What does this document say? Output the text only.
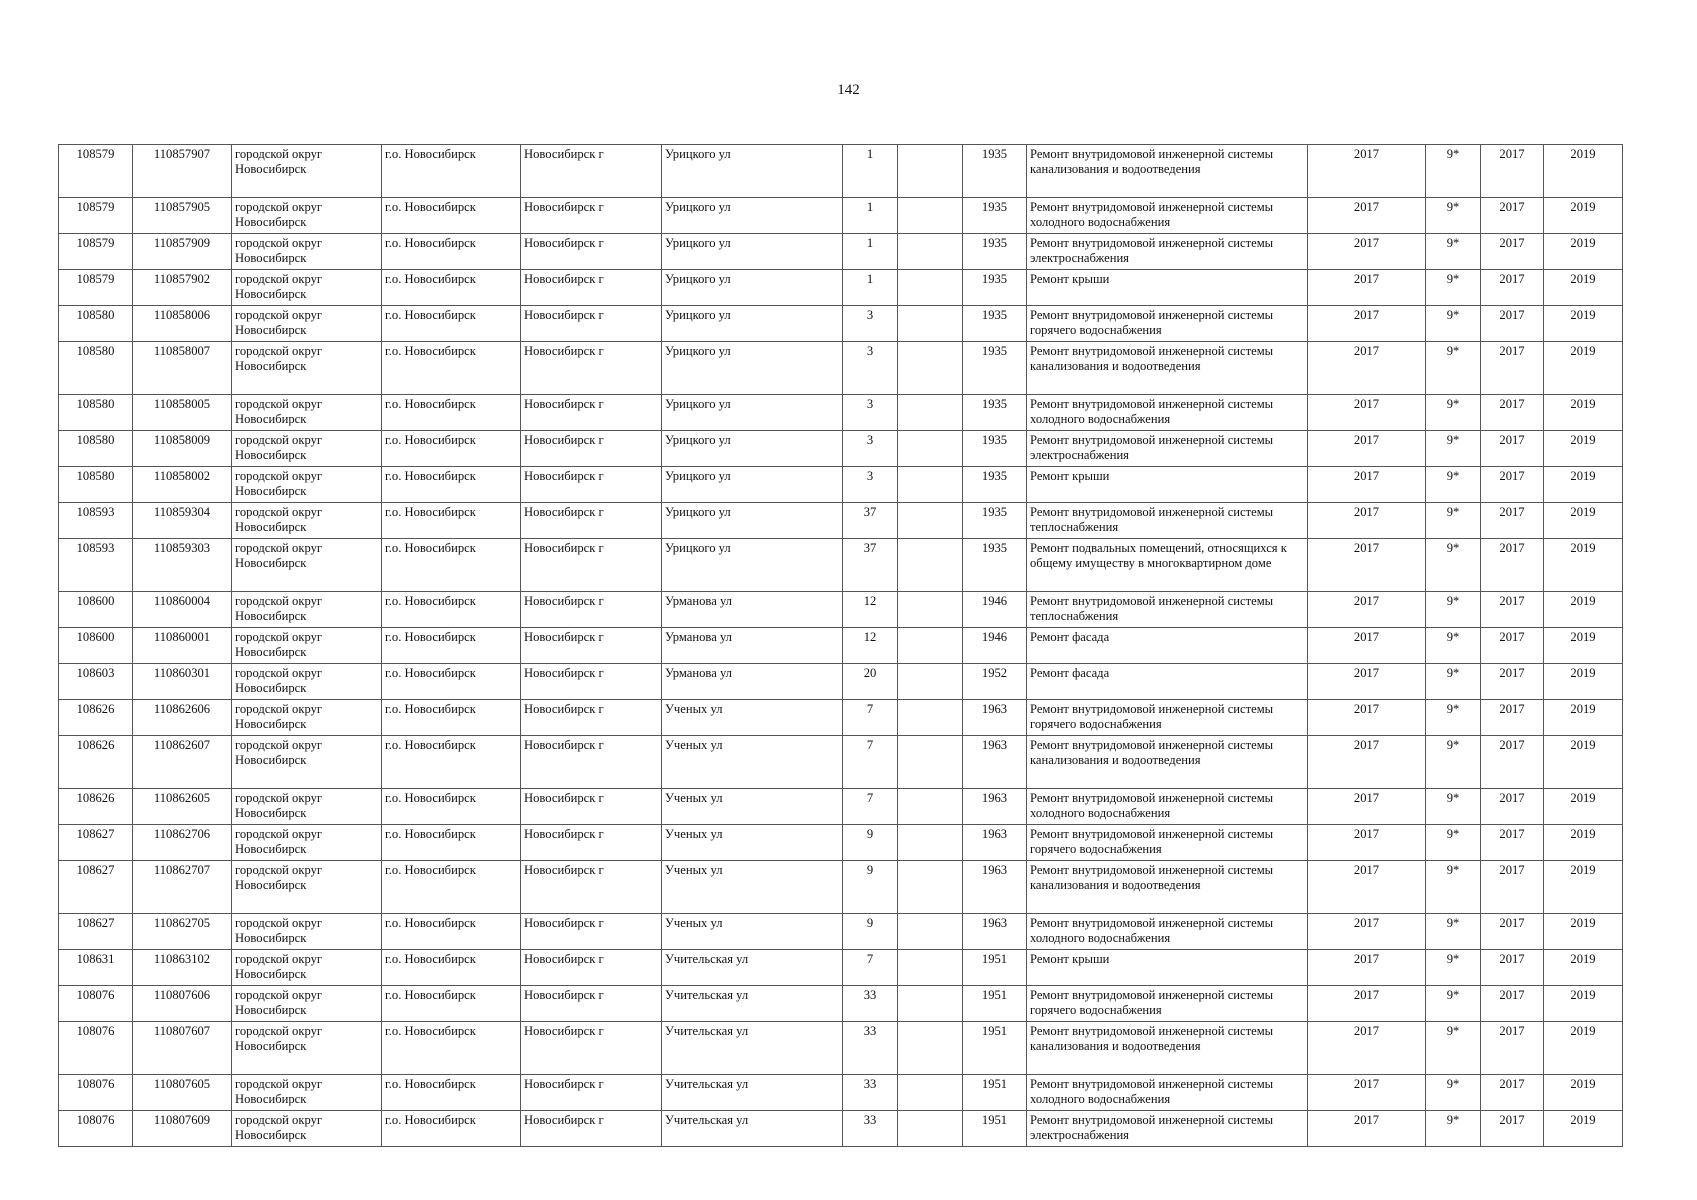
142
108579	110857907	городской округ Новосибирск	г.о. Новосибирск	Новосибирск г	Урицкого ул	1		1935	Ремонт внутридомовой инженерной системы канализования и водоотведения	2017	9*	2017	2019
108579	110857905	городской округ Новосибирск	г.о. Новосибирск	Новосибирск г	Урицкого ул	1		1935	Ремонт внутридомовой инженерной системы холодного водоснабжения	2017	9*	2017	2019
108579	110857909	городской округ Новосибирск	г.о. Новосибирск	Новосибирск г	Урицкого ул	1		1935	Ремонт внутридомовой инженерной системы электроснабжения	2017	9*	2017	2019
108579	110857902	городской округ Новосибирск	г.о. Новосибирск	Новосибирск г	Урицкого ул	1		1935	Ремонт крыши	2017	9*	2017	2019
108580	110858006	городской округ Новосибирск	г.о. Новосибирск	Новосибирск г	Урицкого ул	3		1935	Ремонт внутридомовой инженерной системы горячего водоснабжения	2017	9*	2017	2019
108580	110858007	городской округ Новосибирск	г.о. Новосибирск	Новосибирск г	Урицкого ул	3		1935	Ремонт внутридомовой инженерной системы канализования и водоотведения	2017	9*	2017	2019
108580	110858005	городской округ Новосибирск	г.о. Новосибирск	Новосибирск г	Урицкого ул	3		1935	Ремонт внутридомовой инженерной системы холодного водоснабжения	2017	9*	2017	2019
108580	110858009	городской округ Новосибирск	г.о. Новосибирск	Новосибирск г	Урицкого ул	3		1935	Ремонт внутридомовой инженерной системы электроснабжения	2017	9*	2017	2019
108580	110858002	городской округ Новосибирск	г.о. Новосибирск	Новосибирск г	Урицкого ул	3		1935	Ремонт крыши	2017	9*	2017	2019
108593	110859304	городской округ Новосибирск	г.о. Новосибирск	Новосибирск г	Урицкого ул	37		1935	Ремонт внутридомовой инженерной системы теплоснабжения	2017	9*	2017	2019
108593	110859303	городской округ Новосибирск	г.о. Новосибирск	Новосибирск г	Урицкого ул	37		1935	Ремонт подвальных помещений, относящихся к общему имуществу в многоквартирном доме	2017	9*	2017	2019
108600	110860004	городской округ Новосибирск	г.о. Новосибирск	Новосибирск г	Урманова ул	12		1946	Ремонт внутридомовой инженерной системы теплоснабжения	2017	9*	2017	2019
108600	110860001	городской округ Новосибирск	г.о. Новосибирск	Новосибирск г	Урманова ул	12		1946	Ремонт фасада	2017	9*	2017	2019
108603	110860301	городской округ Новосибирск	г.о. Новосибирск	Новосибирск г	Урманова ул	20		1952	Ремонт фасада	2017	9*	2017	2019
108626	110862606	городской округ Новосибирск	г.о. Новосибирск	Новосибирск г	Ученых ул	7		1963	Ремонт внутридомовой инженерной системы горячего водоснабжения	2017	9*	2017	2019
108626	110862607	городской округ Новосибирск	г.о. Новосибирск	Новосибирск г	Ученых ул	7		1963	Ремонт внутридомовой инженерной системы канализования и водоотведения	2017	9*	2017	2019
108626	110862605	городской округ Новосибирск	г.о. Новосибирск	Новосибирск г	Ученых ул	7		1963	Ремонт внутридомовой инженерной системы холодного водоснабжения	2017	9*	2017	2019
108627	110862706	городской округ Новосибирск	г.о. Новосибирск	Новосибирск г	Ученых ул	9		1963	Ремонт внутридомовой инженерной системы горячего водоснабжения	2017	9*	2017	2019
108627	110862707	городской округ Новосибирск	г.о. Новосибирск	Новосибирск г	Ученых ул	9		1963	Ремонт внутридомовой инженерной системы канализования и водоотведения	2017	9*	2017	2019
108627	110862705	городской округ Новосибирск	г.о. Новосибирск	Новосибирск г	Ученых ул	9		1963	Ремонт внутридомовой инженерной системы холодного водоснабжения	2017	9*	2017	2019
108631	110863102	городской округ Новосибирск	г.о. Новосибирск	Новосибирск г	Учительская ул	7		1951	Ремонт крыши	2017	9*	2017	2019
108076	110807606	городской округ Новосибирск	г.о. Новосибирск	Новосибирск г	Учительская ул	33		1951	Ремонт внутридомовой инженерной системы горячего водоснабжения	2017	9*	2017	2019
108076	110807607	городской округ Новосибирск	г.о. Новосибирск	Новосибирск г	Учительская ул	33		1951	Ремонт внутридомовой инженерной системы канализования и водоотведения	2017	9*	2017	2019
108076	110807605	городской округ Новосибирск	г.о. Новосибирск	Новосибирск г	Учительская ул	33		1951	Ремонт внутридомовой инженерной системы холодного водоснабжения	2017	9*	2017	2019
108076	110807609	городской округ Новосибирск	г.о. Новосибирск	Новосибирск г	Учительская ул	33		1951	Ремонт внутридомовой инженерной системы электроснабжения	2017	9*	2017	2019
